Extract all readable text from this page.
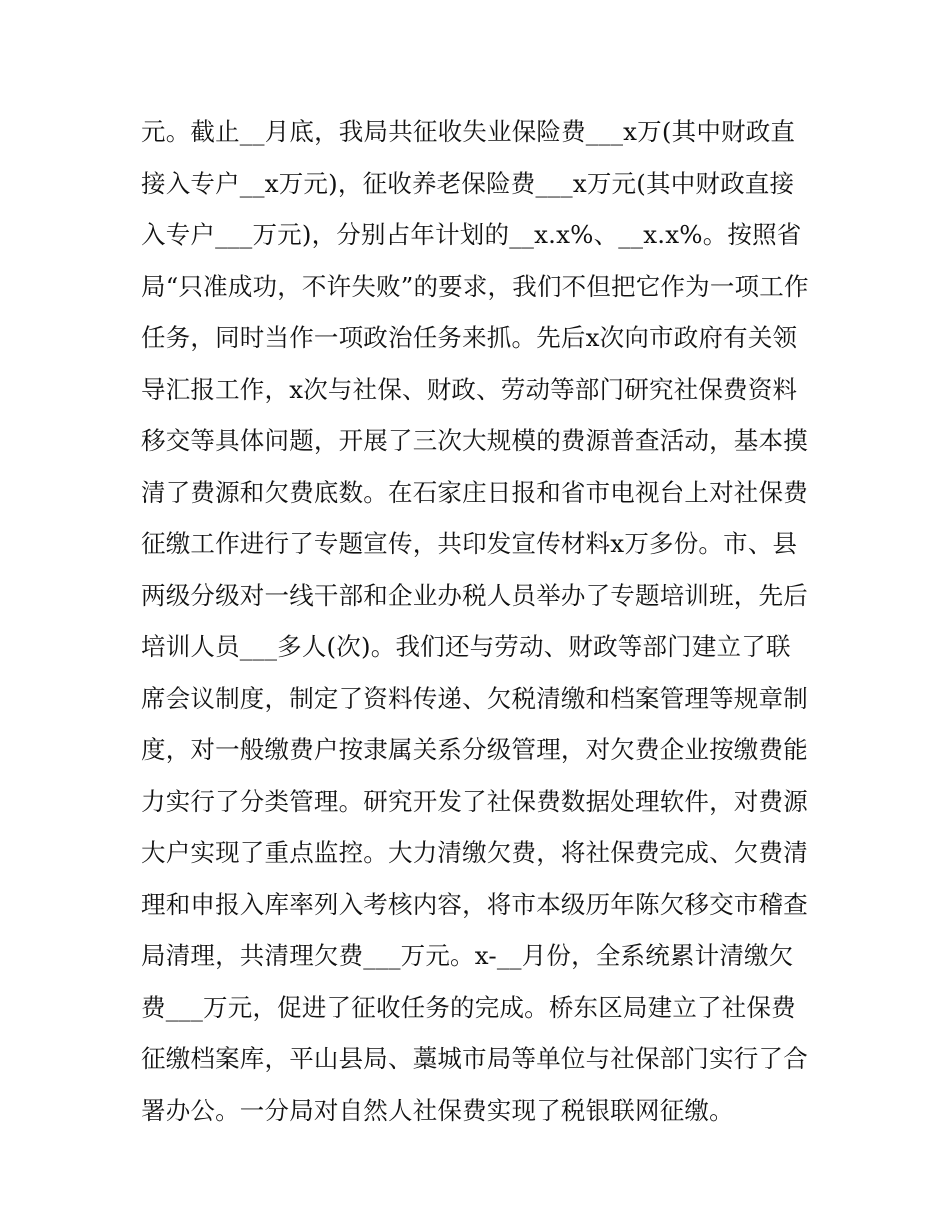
元。截止__月底，我局共征收失业保险费___x万(其中财政直
接入专户__x万元)，征收养老保险费___x万元(其中财政直接
入专户___万元)，分别占年计划的__x.x%、__x.x%。按照省
局“只准成功，不许失败”的要求，我们不但把它作为一项工作
任务，同时当作一项政治任务来抓。先后x次向市政府有关领
导汇报工作，x次与社保、财政、劳动等部门研究社保费资料
移交等具体问题，开展了三次大规模的费源普查活动，基本摸
清了费源和欠费底数。在石家庄日报和省市电视台上对社保费
征缴工作进行了专题宣传，共印发宣传材料x万多份。市、县
两级分级对一线干部和企业办税人员举办了专题培训班，先后
培训人员___多人(次)。我们还与劳动、财政等部门建立了联
席会议制度，制定了资料传递、欠税清缴和档案管理等规章制
度，对一般缴费户按隶属关系分级管理，对欠费企业按缴费能
力实行了分类管理。研究开发了社保费数据处理软件，对费源
大户实现了重点监控。大力清缴欠费，将社保费完成、欠费清
理和申报入库率列入考核内容，将市本级历年陈欠移交市稽查
局清理，共清理欠费___万元。x-__月份，全系统累计清缴欠
费___万元，促进了征收任务的完成。桥东区局建立了社保费
征缴档案库，平山县局、藁城市局等单位与社保部门实行了合
署办公。一分局对自然人社保费实现了税银联网征缴。
